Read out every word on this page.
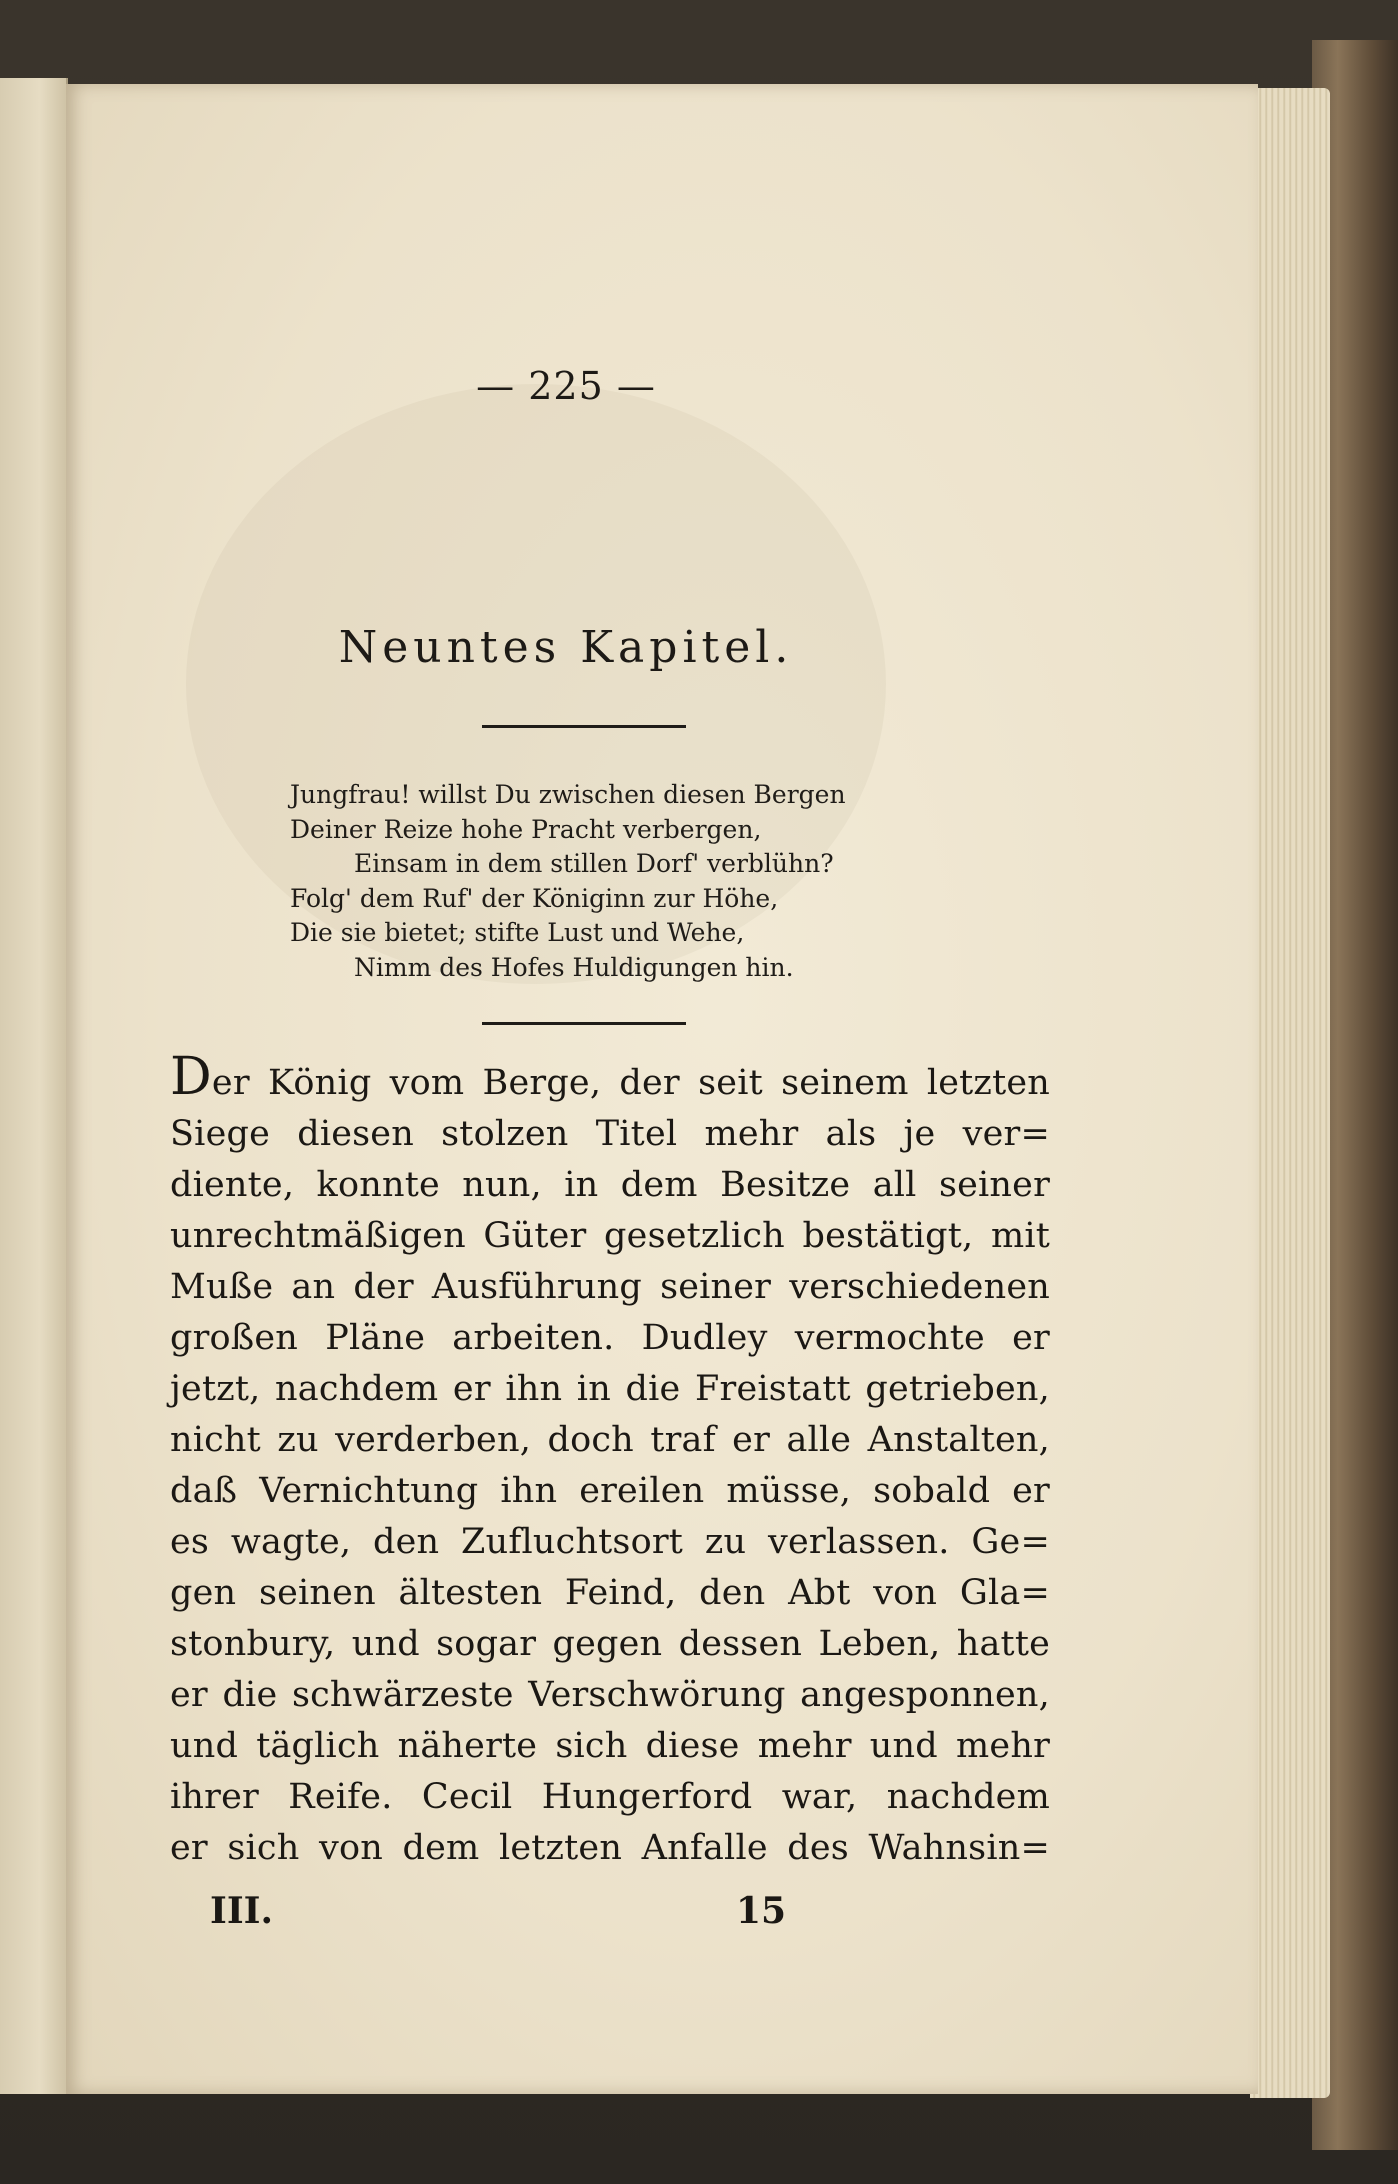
— 225 —
Neuntes Kapitel.
Jungfrau! willst Du zwischen diesen Bergen
Deiner Reize hohe Pracht verbergen,
Einsam in dem stillen Dorf' verblühn?
Folg' dem Ruf' der Königinn zur Höhe,
Die sie bietet; stifte Lust und Wehe,
Nimm des Hofes Huldigungen hin.
Der König vom Berge, der seit seinem letzten
Siege diesen stolzen Titel mehr als je ver=
diente, konnte nun, in dem Besitze all seiner
unrechtmäßigen Güter gesetzlich bestätigt, mit
Muße an der Ausführung seiner verschiedenen
großen Pläne arbeiten. Dudley vermochte er
jetzt, nachdem er ihn in die Freistatt getrieben,
nicht zu verderben, doch traf er alle Anstalten,
daß Vernichtung ihn ereilen müsse, sobald er
es wagte, den Zufluchtsort zu verlassen. Ge=
gen seinen ältesten Feind, den Abt von Gla=
stonbury, und sogar gegen dessen Leben, hatte
er die schwärzeste Verschwörung angesponnen,
und täglich näherte sich diese mehr und mehr
ihrer Reife. Cecil Hungerford war, nachdem
er sich von dem letzten Anfalle des Wahnsin=
III.	15
